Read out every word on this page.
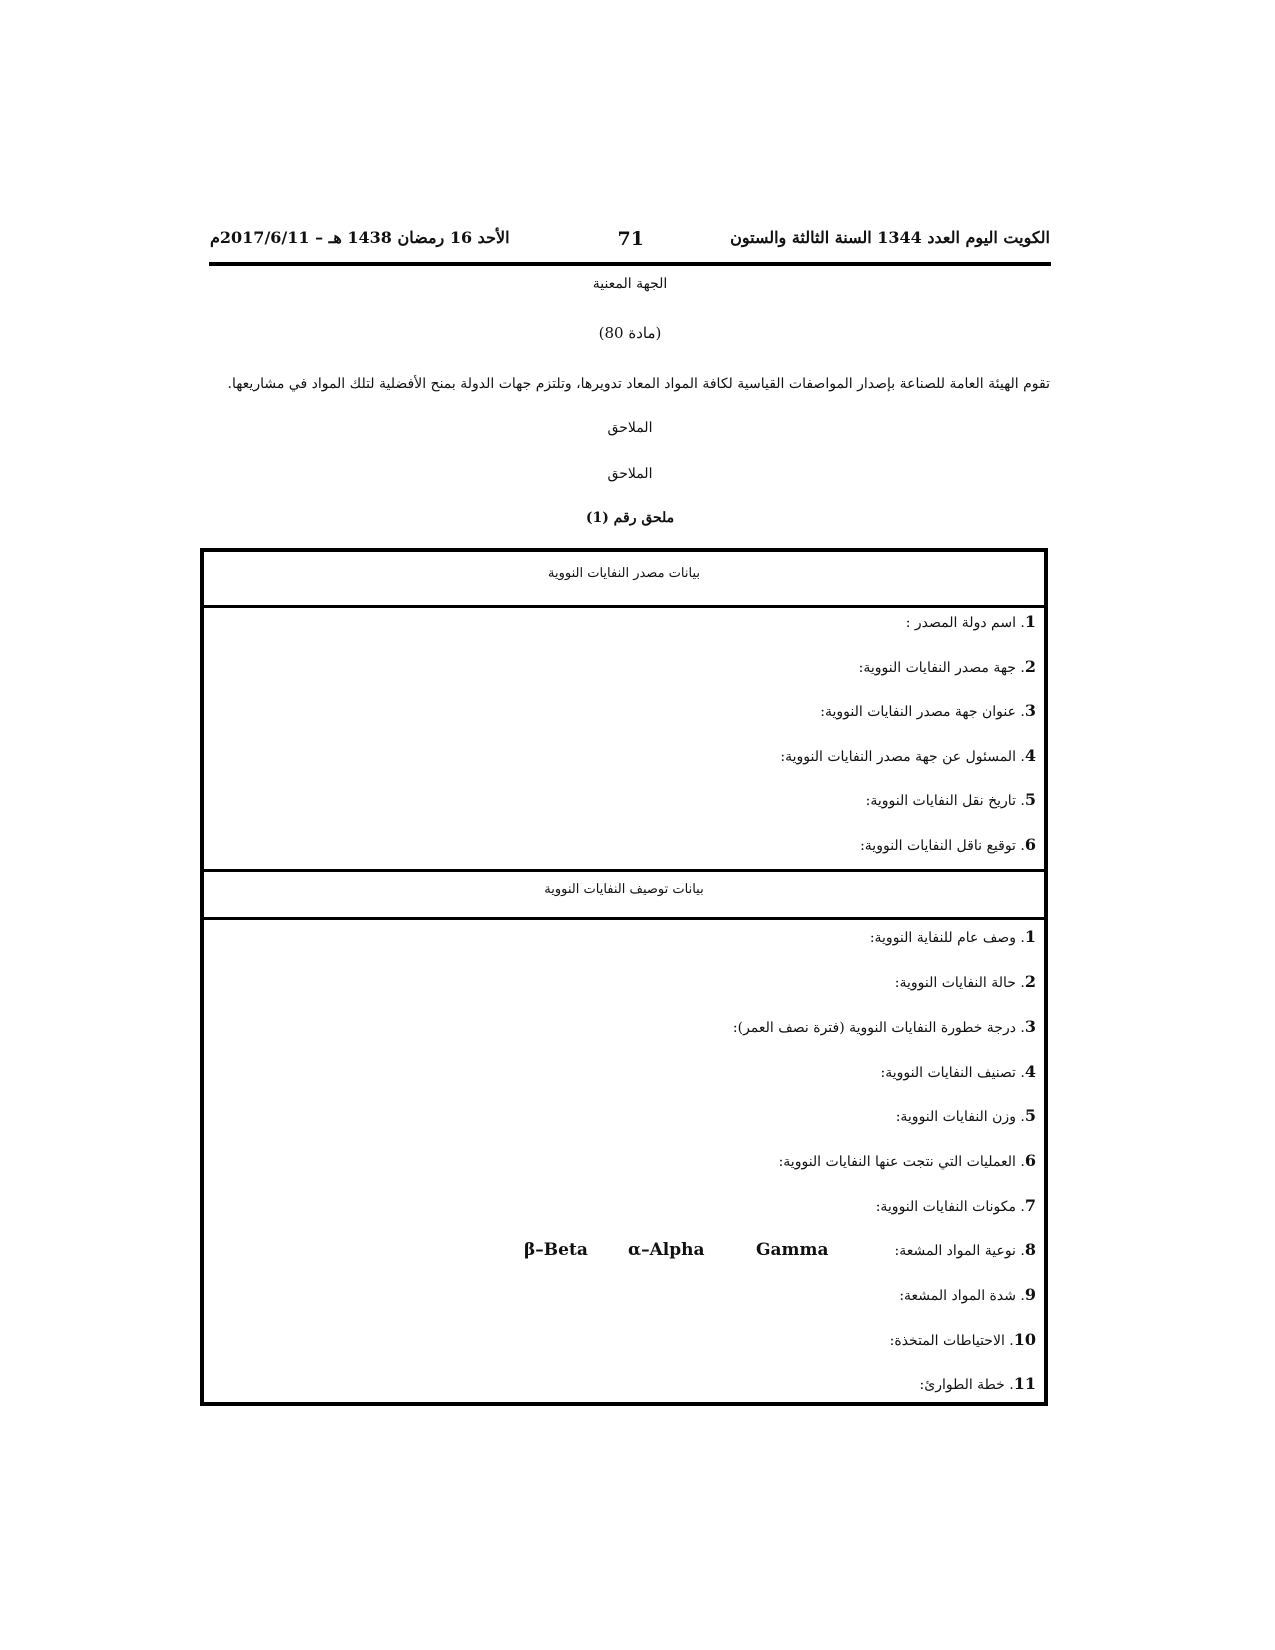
الكويت اليوم العدد 1344 السنة الثالثة والستون
71
الأحد 16 رمضان 1438 هـ – 2017/6/11م
الجهة المعنية
(مادة 80)
تقوم الهيئة العامة للصناعة بإصدار المواصفات القياسية لكافة المواد المعاد تدويرها، وتلتزم جهات الدولة بمنح الأفضلية لتلك المواد في مشاريعها.
الملاحق
الملاحق
ملحق رقم (1)
بيانات مصدر النفايات النووية
1. اسم دولة المصدر :
2. جهة مصدر النفايات النووية:
3. عنوان جهة مصدر النفايات النووية:
4. المسئول عن جهة مصدر النفايات النووية:
5. تاريخ نقل النفايات النووية:
6. توقيع ناقل النفايات النووية:
بيانات توصيف النفايات النووية
1. وصف عام للنفاية النووية:
2. حالة النفايات النووية:
3. درجة خطورة النفايات النووية (فترة نصف العمر):
4. تصنيف النفايات النووية:
5. وزن النفايات النووية:
6. العمليات التي نتجت عنها النفايات النووية:
7. مكونات النفايات النووية:
8. نوعية المواد المشعة:
Gamma
α–Alpha
β–Beta
9. شدة المواد المشعة:
10. الاحتياطات المتخذة:
11. خطة الطوارئ:
